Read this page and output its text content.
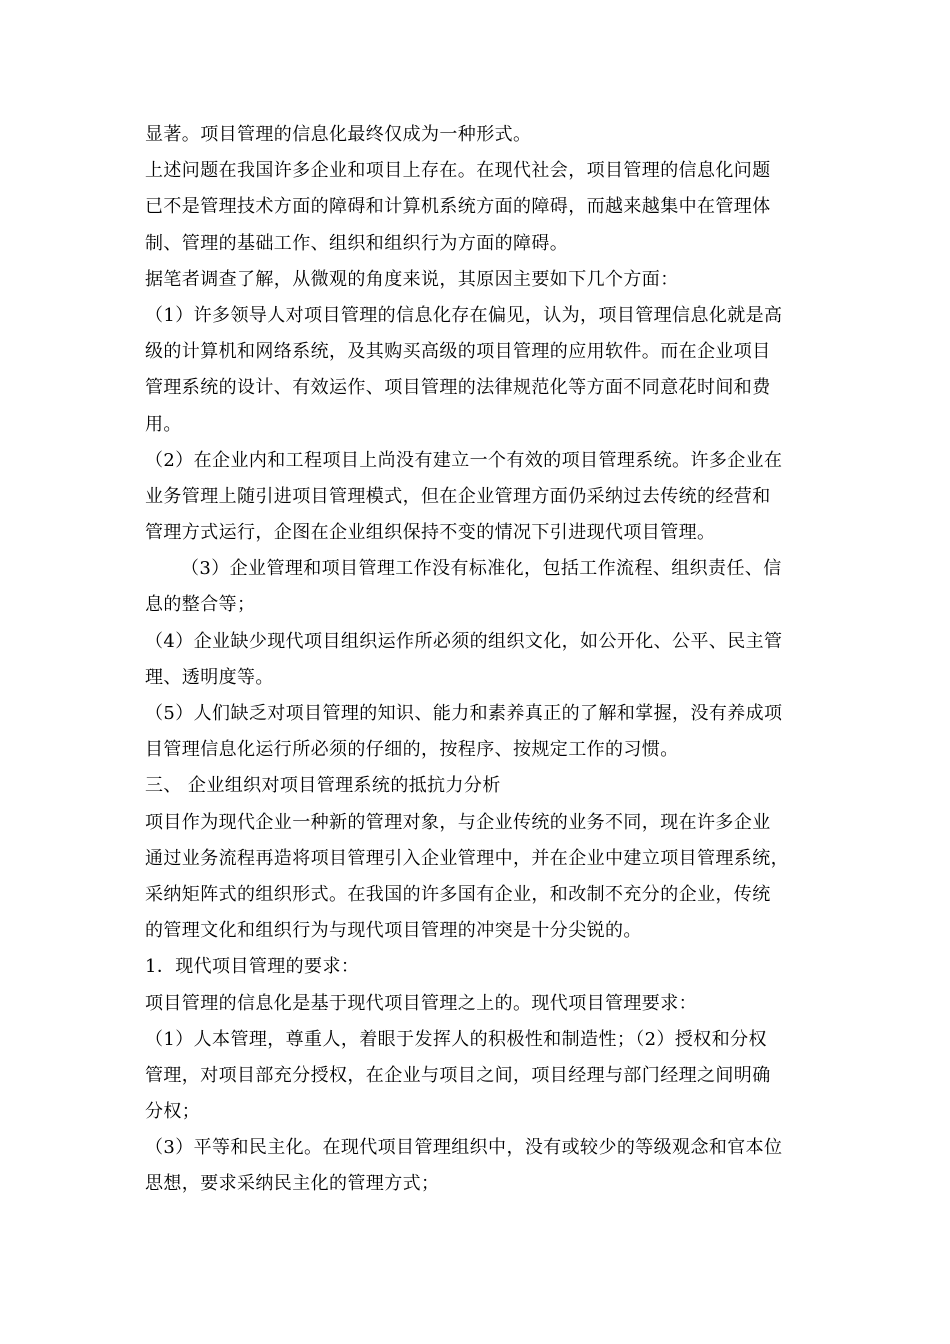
显著。项目管理的信息化最终仅成为一种形式。
上述问题在我国许多企业和项目上存在。在现代社会，项目管理的信息化问题
已不是管理技术方面的障碍和计算机系统方面的障碍，而越来越集中在管理体
制、管理的基础工作、组织和组织行为方面的障碍。
据笔者调查了解，从微观的角度来说，其原因主要如下几个方面：
（1）许多领导人对项目管理的信息化存在偏见，认为，项目管理信息化就是高
级的计算机和网络系统，及其购买高级的项目管理的应用软件。而在企业项目
管理系统的设计、有效运作、项目管理的法律规范化等方面不同意花时间和费
用。
（2）在企业内和工程项目上尚没有建立一个有效的项目管理系统。许多企业在
业务管理上随引进项目管理模式，但在企业管理方面仍采纳过去传统的经营和
管理方式运行，企图在企业组织保持不变的情况下引进现代项目管理。
（3）企业管理和项目管理工作没有标准化，包括工作流程、组织责任、信
息的整合等；
（4）企业缺少现代项目组织运作所必须的组织文化，如公开化、公平、民主管
理、透明度等。
（5）人们缺乏对项目管理的知识、能力和素养真正的了解和掌握，没有养成项
目管理信息化运行所必须的仔细的，按程序、按规定工作的习惯。
三、 企业组织对项目管理系统的抵抗力分析
项目作为现代企业一种新的管理对象，与企业传统的业务不同，现在许多企业
通过业务流程再造将项目管理引入企业管理中，并在企业中建立项目管理系统，
采纳矩阵式的组织形式。在我国的许多国有企业，和改制不充分的企业，传统
的管理文化和组织行为与现代项目管理的冲突是十分尖锐的。
1．现代项目管理的要求：
项目管理的信息化是基于现代项目管理之上的。现代项目管理要求：
（1）人本管理，尊重人，着眼于发挥人的积极性和制造性；（2）授权和分权
管理，对项目部充分授权，在企业与项目之间，项目经理与部门经理之间明确
分权；
（3）平等和民主化。在现代项目管理组织中，没有或较少的等级观念和官本位
思想，要求采纳民主化的管理方式；
